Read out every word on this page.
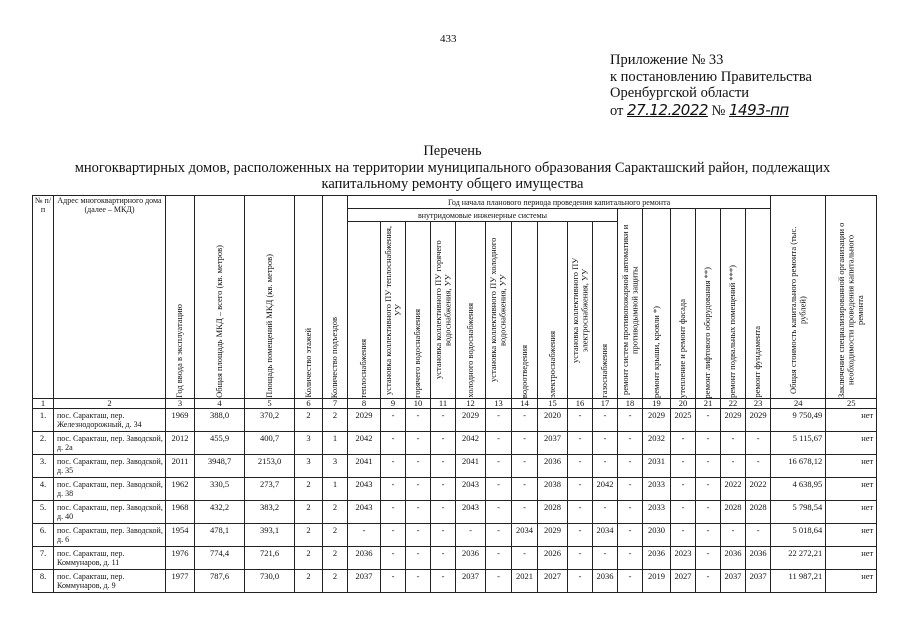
433
Приложение № 33
к постановлению Правительства
Оренбургской области
от 27.12.2022 № 1493-пп
Перечень
многоквартирных домов, расположенных на территории муниципального образования Саракташский район, подлежащих
капитальному ремонту общего имущества
№ п/п	Адрес многоквартирного дома (далее – МКД)	Год ввода в эксплуатацию	Общая площадь МКД – всего (кв. метров)	Площадь помещений МКД (кв. метров)	Количество этажей	Количество подъездов	Год начала планового периода проведения капитального ремонта																Общая стоимость капитального ремонта (тыс. рублей)	Заключение специализированной организации о необходимости проведения капитального ремонта

							внутридомовые инженерные системы										ремонт систем противопожарной автоматики и противодымной защиты	ремонт крыши, кровли *)	утепление и ремонт фасада	ремонт лифтового оборудования **)	ремонт подвальных помещений ***)	ремонт фундамента		

							теплоснабжения	установка коллективного ПУ теплоснабжения, УУ	горячего водоснабжения	установка коллективного ПУ горячего водоснабжения, УУ	холодного водоснабжения	установка коллективного ПУ холодного водоснабжения, УУ	водоотведения	электроснабжения	установка коллективного ПУ электроснабжения, УУ	газоснабжения								

1	2	3	4	5	6	7	8	9	10	11	12	13	14	15	16	17	18	19	20	21	22	23	24	25
1.	пос. Саракташ, пер. Железнодорожный, д. 34	1969	388,0	370,2	2	2	2029	-	-	-	2029	-	-	2020	-	-	-	2029	2025	-	2029	2029	9 750,49	нет
2.	пос. Саракташ, пер. Заводской, д. 2а	2012	455,9	400,7	3	1	2042	-	-	-	2042	-	-	2037	-	-	-	2032	-	-	-	-	5 115,67	нет
3.	пос. Саракташ, пер. Заводской, д. 35	2011	3948,7	2153,0	3	3	2041	-	-	-	2041	-	-	2036	-	-	-	2031	-	-	-	-	16 678,12	нет
4.	пос. Саракташ, пер. Заводской, д. 38	1962	330,5	273,7	2	1	2043	-	-	-	2043	-	-	2038	-	2042	-	2033	-	-	2022	2022	4 638,95	нет
5.	пос. Саракташ, пер. Заводской, д. 40	1968	432,2	383,2	2	2	2043	-	-	-	2043	-	-	2028	-	-	-	2033	-	-	2028	2028	5 798,54	нет
6.	пос. Саракташ, пер. Заводской, д. 6	1954	478,1	393,1	2	2	-	-	-	-	-	-	2034	2029	-	2034	-	2030	-	-	-	-	5 018,64	нет
7.	пос. Саракташ, пер. Коммунаров, д. 11	1976	774,4	721,6	2	2	2036	-	-	-	2036	-	-	2026	-	-	-	2036	2023	-	2036	2036	22 272,21	нет
8.	пос. Саракташ, пер. Коммунаров, д. 9	1977	787,6	730,0	2	2	2037	-	-	-	2037	-	2021	2027	-	2036	-	2019	2027	-	2037	2037	11 987,21	нет
